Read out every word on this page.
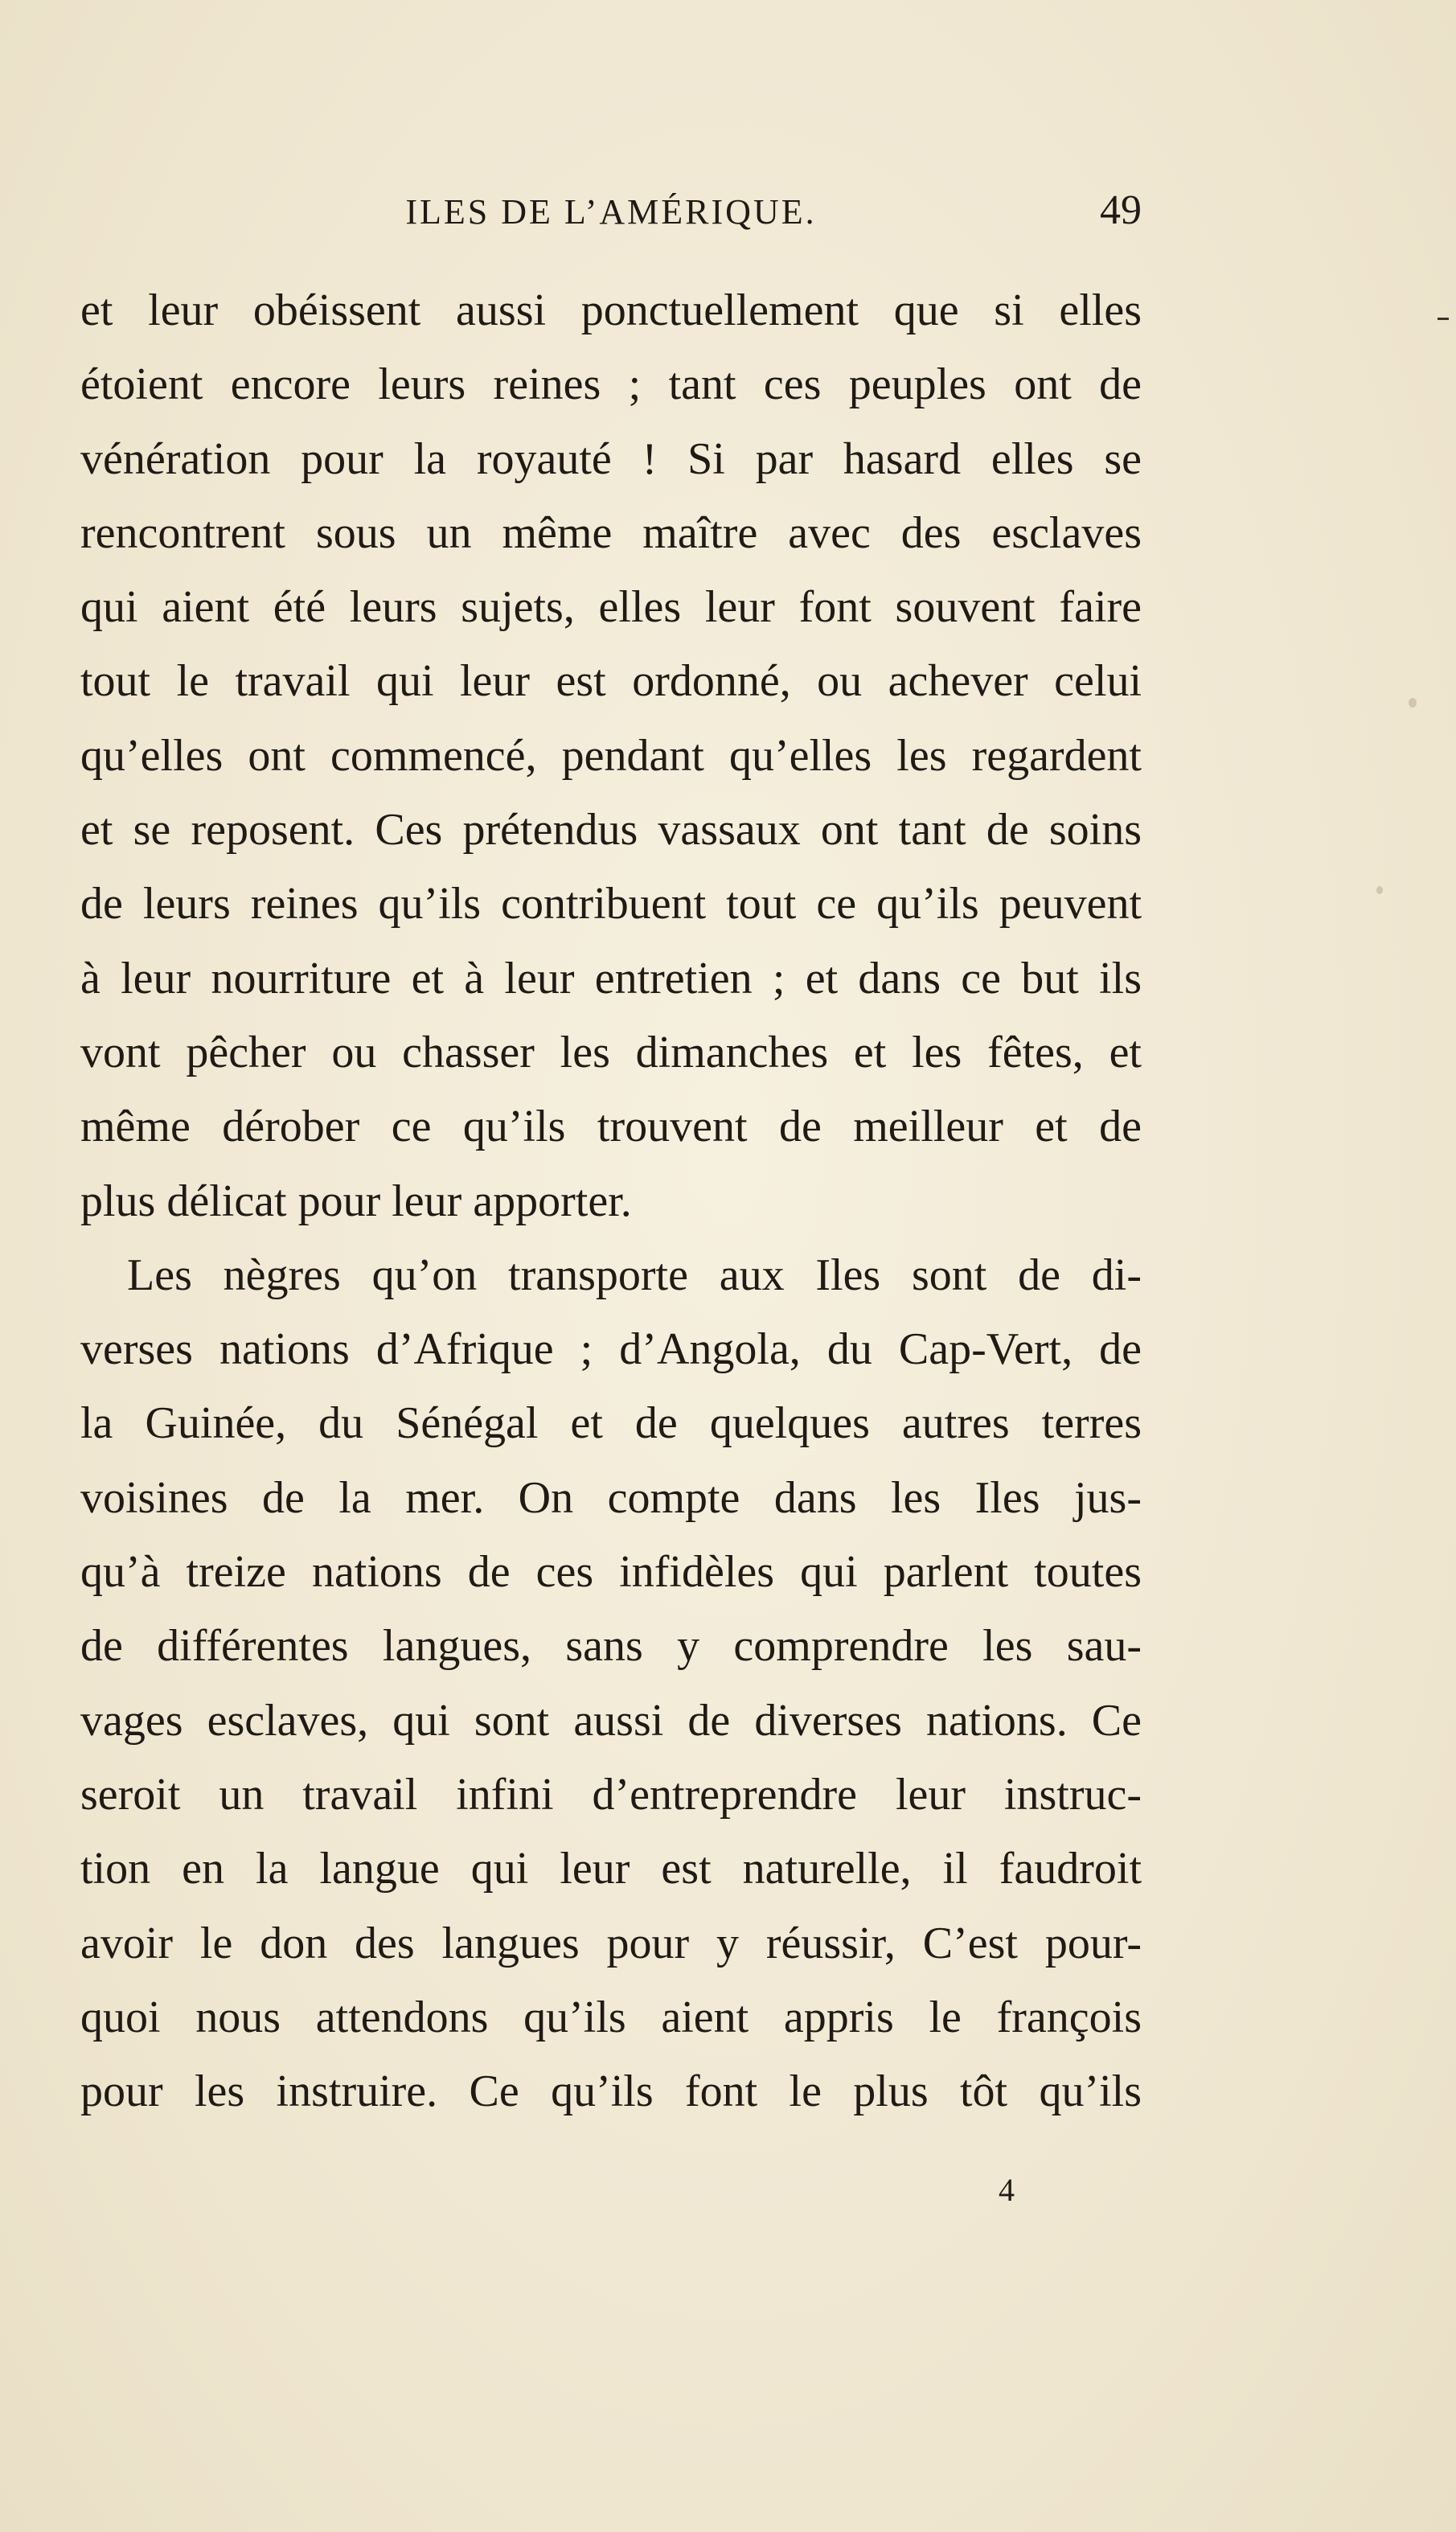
ILES DE L’AMÉRIQUE.	49
et leur obéissent aussi ponctuellement que si elles
étoient encore leurs reines ; tant ces peuples ont de
vénération pour la royauté ! Si par hasard elles se
rencontrent sous un même maître avec des esclaves
qui aient été leurs sujets, elles leur font souvent faire
tout le travail qui leur est ordonné, ou achever celui
qu’elles ont commencé, pendant qu’elles les regardent
et se reposent. Ces prétendus vassaux ont tant de soins
de leurs reines qu’ils contribuent tout ce qu’ils peuvent
à leur nourriture et à leur entretien ; et dans ce but ils
vont pêcher ou chasser les dimanches et les fêtes, et
même dérober ce qu’ils trouvent de meilleur et de
plus délicat pour leur apporter.
Les nègres qu’on transporte aux Iles sont de di-
verses nations d’Afrique ; d’Angola, du Cap-Vert, de
la Guinée, du Sénégal et de quelques autres terres
voisines de la mer. On compte dans les Iles jus-
qu’à treize nations de ces infidèles qui parlent toutes
de différentes langues, sans y comprendre les sau-
vages esclaves, qui sont aussi de diverses nations. Ce
seroit un travail infini d’entreprendre leur instruc-
tion en la langue qui leur est naturelle, il faudroit
avoir le don des langues pour y réussir, C’est pour-
quoi nous attendons qu’ils aient appris le françois
pour les instruire. Ce qu’ils font le plus tôt qu’ils
4
